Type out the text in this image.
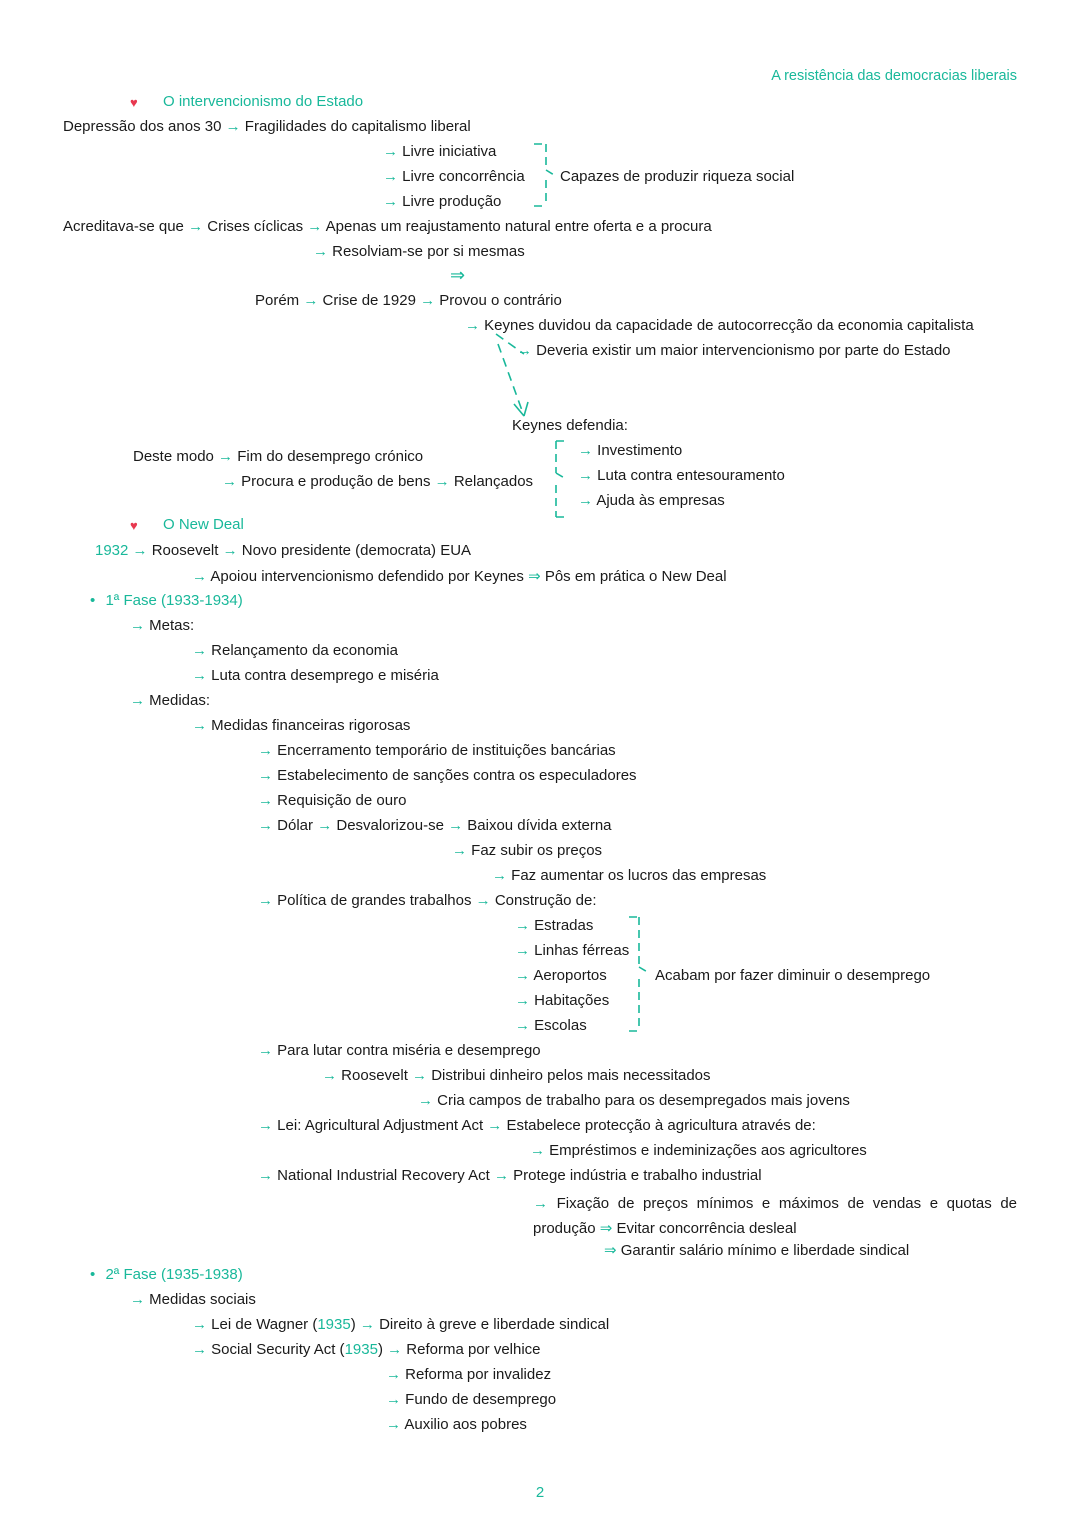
A resistência das democracias liberais
♥ O intervencionismo do Estado
Depressão dos anos 30 → Fragilidades do capitalismo liberal
→ Livre iniciativa
→ Livre concorrência
→ Livre produção
Capazes de produzir riqueza social
Acreditava-se que → Crises cíclicas → Apenas um reajustamento natural entre oferta e a procura
→ Resolviam-se por si mesmas
⇒
Porém → Crise de 1929 → Provou o contrário
→ Keynes duvidou da capacidade de autocorrecção da economia capitalista
→ Deveria existir um maior intervencionismo por parte do Estado
Keynes defendia:
Deste modo → Fim do desemprego crónico
→ Procura e produção de bens → Relançados
→ Investimento
→ Luta contra entesouramento
→ Ajuda às empresas
♥ O New Deal
1932 → Roosevelt → Novo presidente (democrata) EUA
→ Apoiou intervencionismo defendido por Keynes ⇒ Pôs em prática o New Deal
• 1ª Fase (1933-1934)
→ Metas:
→ Relançamento da economia
→ Luta contra desemprego e miséria
→ Medidas:
→ Medidas financeiras rigorosas
→ Encerramento temporário de instituições bancárias
→ Estabelecimento de sanções contra os especuladores
→ Requisição de ouro
→ Dólar → Desvalorizou-se → Baixou dívida externa
→ Faz subir os preços
→ Faz aumentar os lucros das empresas
→ Política de grandes trabalhos → Construção de:
→ Estradas
→ Linhas férreas
→ Aeroportos
→ Habitações
→ Escolas
Acabam por fazer diminuir o desemprego
→ Para lutar contra miséria e desemprego
→ Roosevelt → Distribui dinheiro pelos mais necessitados
→ Cria campos de trabalho para os desempregados mais jovens
→ Lei: Agricultural Adjustment Act → Estabelece protecção à agricultura através de:
→ Empréstimos e indeminizações aos agricultores
→ National Industrial Recovery Act → Protege indústria e trabalho industrial
→ Fixação de preços mínimos e máximos de vendas e quotas de produção ⇒ Evitar concorrência desleal
⇒ Garantir salário mínimo e liberdade sindical
• 2ª Fase (1935-1938)
→ Medidas sociais
→ Lei de Wagner (1935) → Direito à greve e liberdade sindical
→ Social Security Act (1935) → Reforma por velhice
→ Reforma por invalidez
→ Fundo de desemprego
→ Auxilio aos pobres
2
